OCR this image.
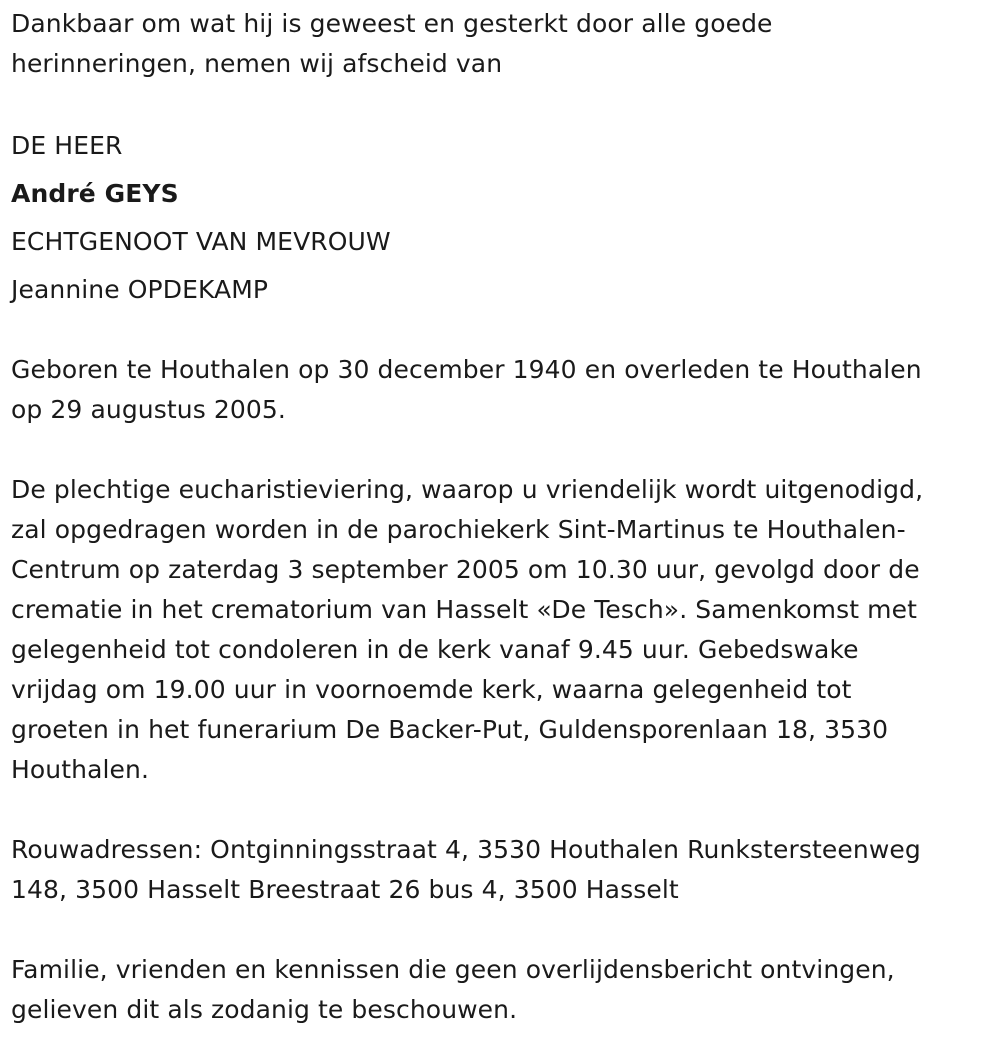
Dankbaar om wat hij is geweest en gesterkt door alle goede
herinneringen, nemen wij afscheid van
DE HEER
André GEYS
ECHTGENOOT VAN MEVROUW
Jeannine OPDEKAMP
Geboren te Houthalen op 30 december 1940 en overleden te Houthalen
op 29 augustus 2005.
De plechtige eucharistieviering, waarop u vriendelijk wordt uitgenodigd,
zal opgedragen worden in de parochiekerk Sint-Martinus te Houthalen-
Centrum op zaterdag 3 september 2005 om 10.30 uur, gevolgd door de
crematie in het crematorium van Hasselt «De Tesch». Samenkomst met
gelegenheid tot condoleren in de kerk vanaf 9.45 uur. Gebedswake
vrijdag om 19.00 uur in voornoemde kerk, waarna gelegenheid tot
groeten in het funerarium De Backer-Put, Guldensporenlaan 18, 3530
Houthalen.
Rouwadressen: Ontginningsstraat 4, 3530 Houthalen Runkstersteenweg
148, 3500 Hasselt Breestraat 26 bus 4, 3500 Hasselt
Familie, vrienden en kennissen die geen overlijdensbericht ontvingen,
gelieven dit als zodanig te beschouwen.
